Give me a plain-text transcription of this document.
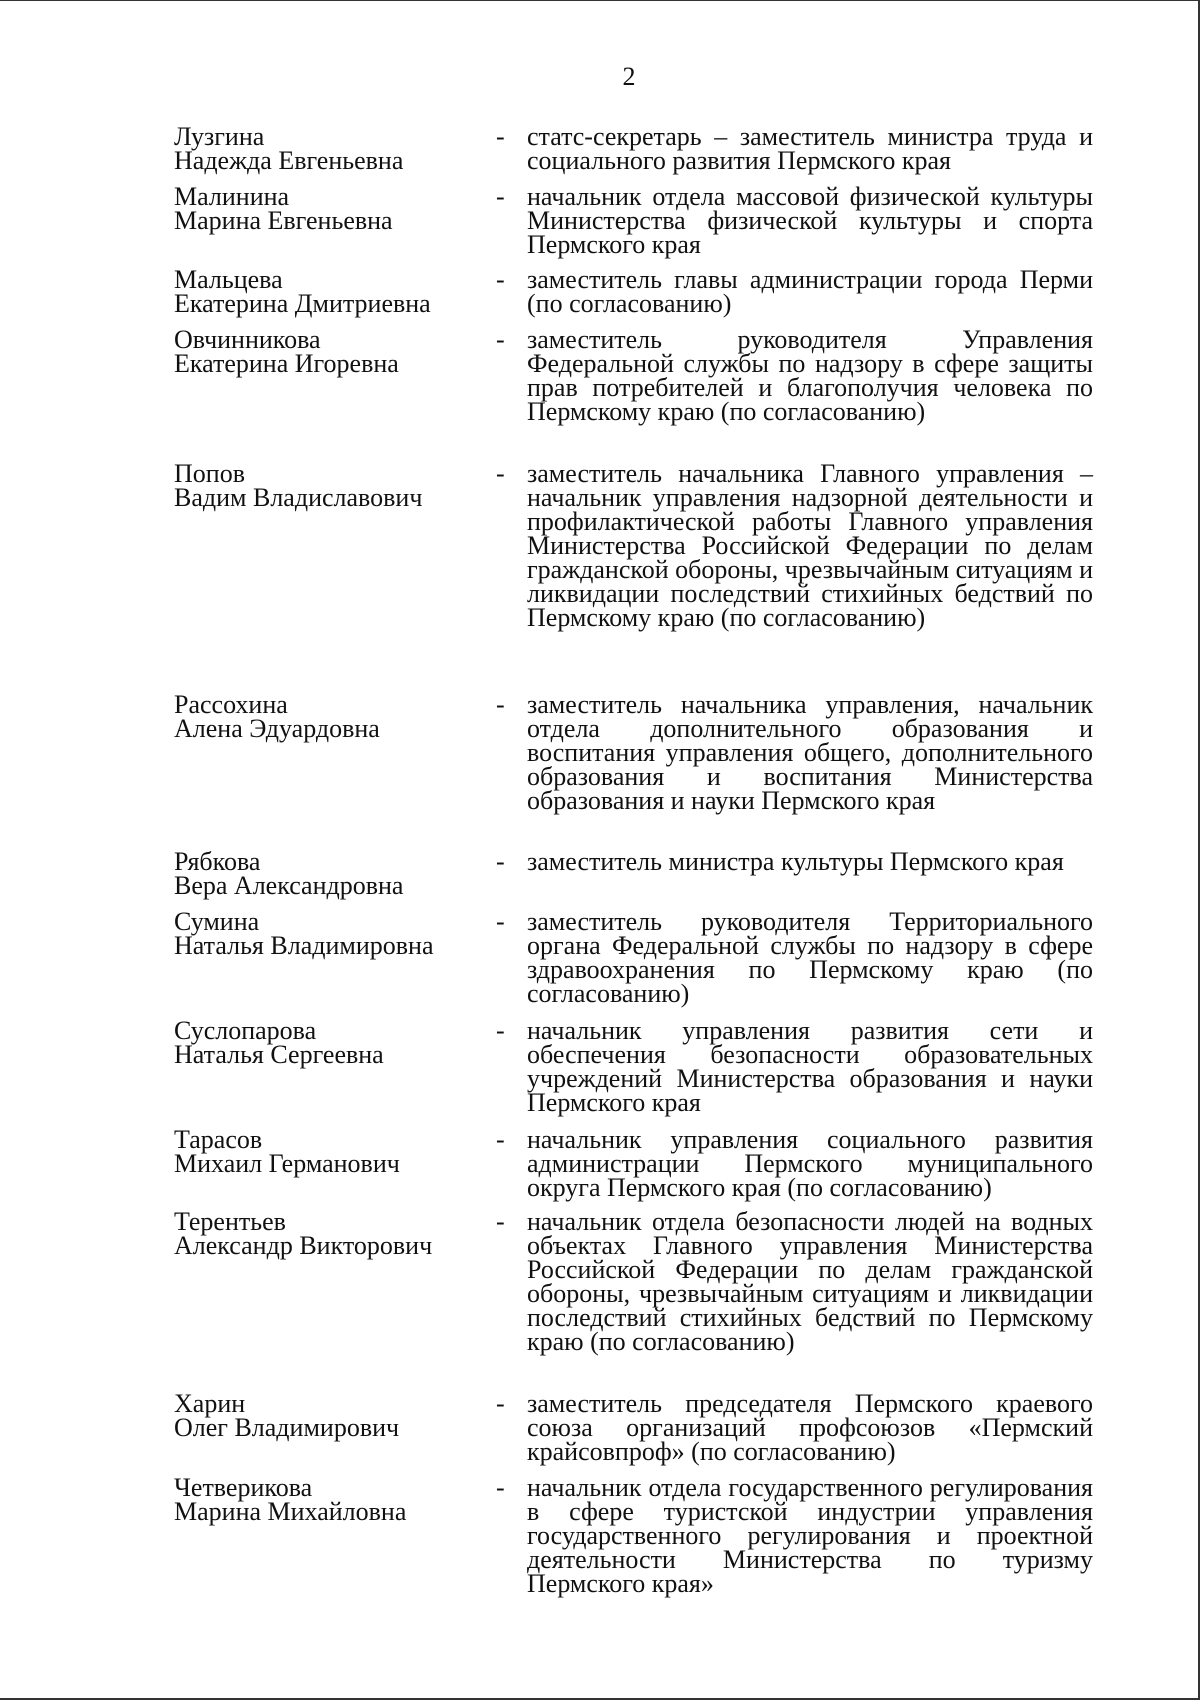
2
Лузгина
Надежда Евгеньевна
- статс-секретарь – заместитель министра труда и социального развития Пермского края
Малинина
Марина Евгеньевна
- начальник отдела массовой физической культуры Министерства физической культуры и спорта Пермского края
Мальцева
Екатерина Дмитриевна
- заместитель главы администрации города Перми (по согласованию)
Овчинникова
Екатерина Игоревна
- заместитель руководителя Управления Федеральной службы по надзору в сфере защиты прав потребителей и благополучия человека по Пермскому краю (по согласованию)
Попов
Вадим Владиславович
- заместитель начальника Главного управления – начальник управления надзорной деятельности и профилактической работы Главного управления Министерства Российской Федерации по делам гражданской обороны, чрезвычайным ситуациям и ликвидации последствий стихийных бедствий по Пермскому краю (по согласованию)
Рассохина
Алена Эдуардовна
- заместитель начальника управления, начальник отдела дополнительного образования и воспитания управления общего, дополнительного образования и воспитания Министерства образования и науки Пермского края
Рябкова
Вера Александровна
- заместитель министра культуры Пермского края
Сумина
Наталья Владимировна
- заместитель руководителя Территориального органа Федеральной службы по надзору в сфере здравоохранения по Пермскому краю (по согласованию)
Суслопарова
Наталья Сергеевна
- начальник управления развития сети и обеспечения безопасности образовательных учреждений Министерства образования и науки Пермского края
Тарасов
Михаил Германович
- начальник управления социального развития администрации Пермского муниципального округа Пермского края (по согласованию)
Терентьев
Александр Викторович
- начальник отдела безопасности людей на водных объектах Главного управления Министерства Российской Федерации по делам гражданской обороны, чрезвычайным ситуациям и ликвидации последствий стихийных бедствий по Пермскому краю (по согласованию)
Харин
Олег Владимирович
- заместитель председателя Пермского краевого союза организаций профсоюзов «Пермский крайсовпроф» (по согласованию)
Четверикова
Марина Михайловна
- начальник отдела государственного регулирования в сфере туристской индустрии управления государственного регулирования и проектной деятельности Министерства по туризму Пермского края»
